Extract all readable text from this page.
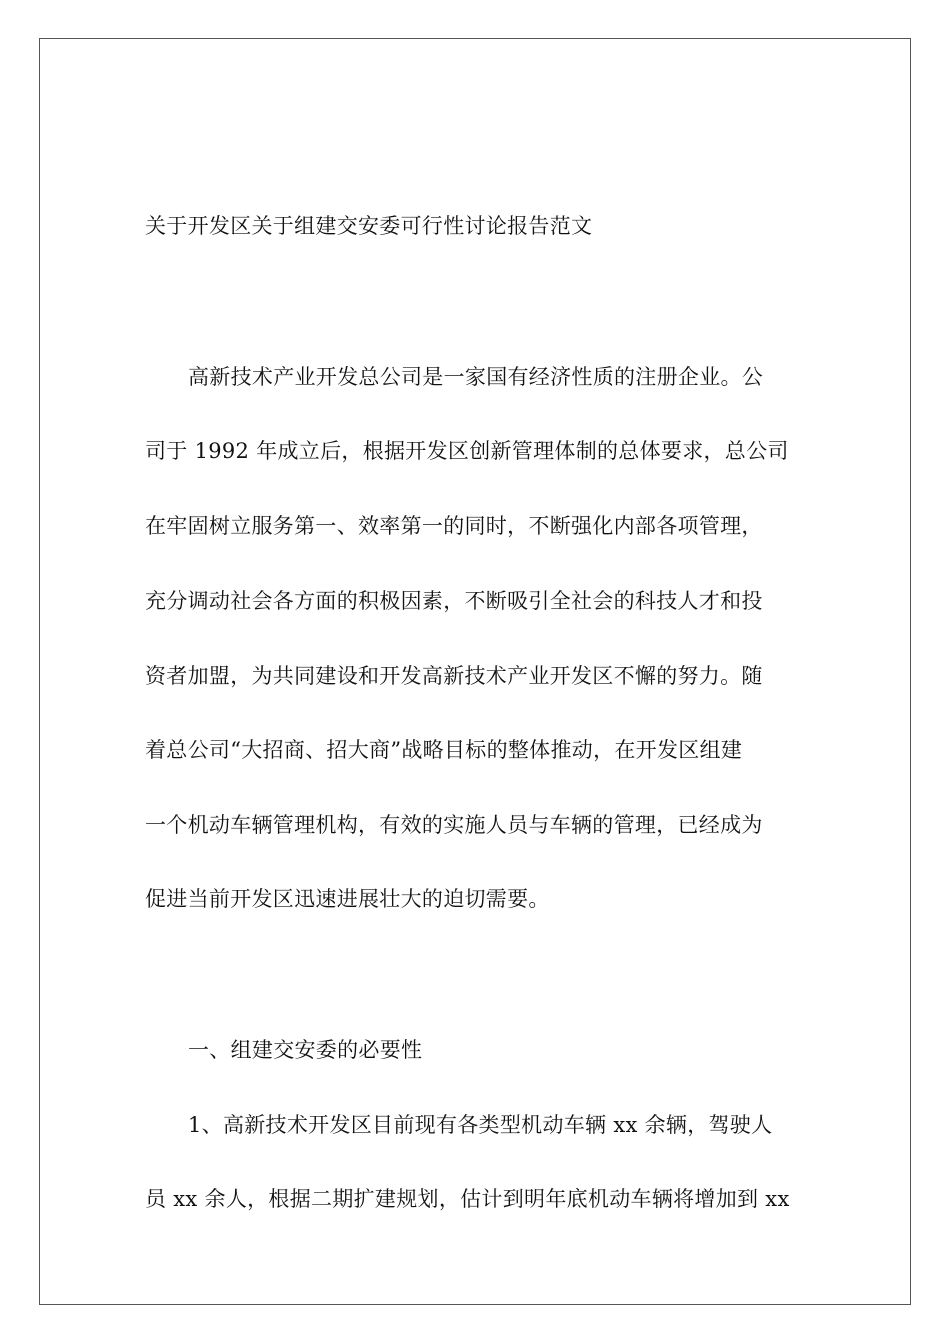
关于开发区关于组建交安委可行性讨论报告范文
高新技术产业开发总公司是一家国有经济性质的注册企业。公
司于 1992 年成立后，根据开发区创新管理体制的总体要求，总公司
在牢固树立服务第一、效率第一的同时，不断强化内部各项管理，
充分调动社会各方面的积极因素，不断吸引全社会的科技人才和投
资者加盟，为共同建设和开发高新技术产业开发区不懈的努力。随
着总公司“大招商、招大商”战略目标的整体推动，在开发区组建
一个机动车辆管理机构，有效的实施人员与车辆的管理，已经成为
促进当前开发区迅速进展壮大的迫切需要。
一、组建交安委的必要性
1、高新技术开发区目前现有各类型机动车辆 xx 余辆，驾驶人
员 xx 余人，根据二期扩建规划，估计到明年底机动车辆将增加到 xx
